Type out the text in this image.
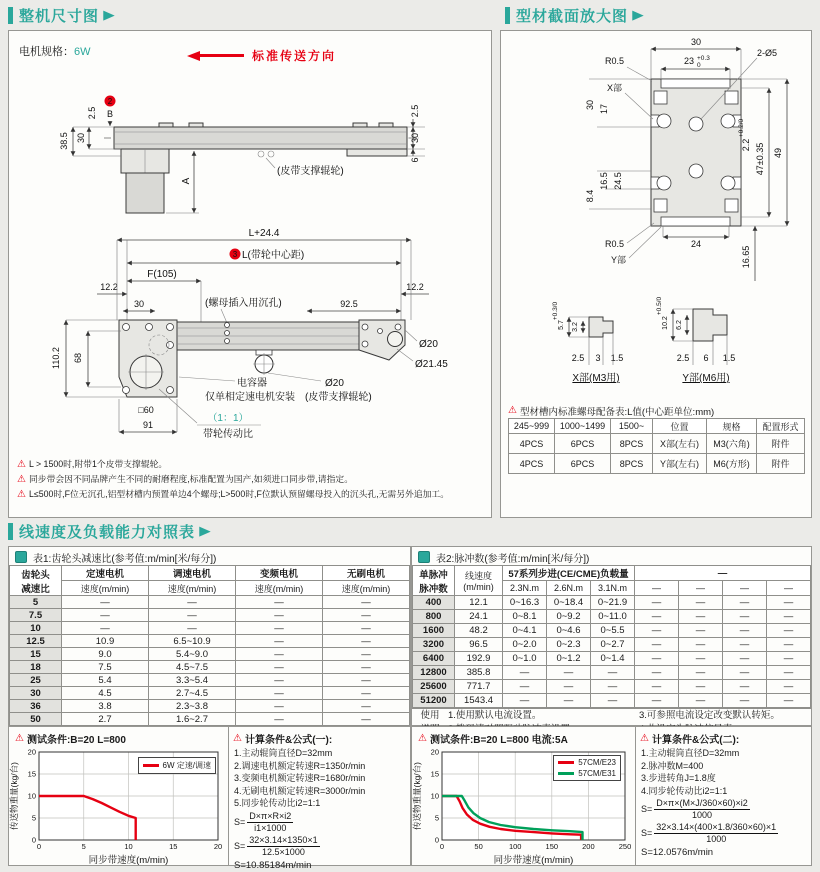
整机尺寸图 ▶	型材截面放大图 ▶
线速度及负载能力对照表 ▶
电机规格：6W	标准传送方向
2.5
2
B
38.5 30
A
2.5
30
6
(皮带支撑辊轮)
L+24.4
3 L(带轮中心距)
F(105)
12.2	12.2
30	92.5
(螺母插入用沉孔)
110.2 68
电容器
仅单相定速电机安装
Ø20
(皮带支撑辊轮)
Ø20
Ø21.45
□60
91
（1：1）
带轮传动比
⚠ L > 1500时,附带1个皮带支撑辊轮。
⚠ 同步带会因不同品牌产生不同的耐磨程度,标准配置为国产,如须进口同步带,请指定。
⚠ L≤500时,F位无沉孔,铝型材槽内预置单边4个螺母;L>500时,F位默认预留螺母投入的沉头孔,无需另外追加工。
30
23 +0.3
0
2-Ø5
R0.5
X部
30 17
16.5 24.5
8.4
R0.5
Y部
24
2.2
+0.2/0
47±0.35 49
16.65
5.7
+0.3/0
3.2
2.5 3 1.5
X部(M3用)
10.2
+0.5/0
6.2
2.5 6 1.5
Y部(M6用)
⚠ 型材槽内标准螺母配备表:L值(中心距单位:mm)
245~999	1000~1499	1500~	位置	规格	配置形式
4PCS	6PCS	8PCS	X部(左右)	M3(六角)	附件
4PCS	6PCS	8PCS	Y部(左右)	M6(方形)	附件
表1:齿轮头减速比(参考值:m/min[米/每分])
齿轮头
减速比	定速电机	调速电机	变频电机	无刷电机
	速度(m/min)	速度(m/min)	速度(m/min)	速度(m/min)
5	—	—	—	—
7.5	—	—	—	—
10	—	—	—	—
12.5	10.9	6.5~10.9	—	—
15	9.0	5.4~9.0	—	—
18	7.5	4.5~7.5	—	—
25	5.4	3.3~5.4	—	—
30	4.5	2.7~4.5	—	—
36	3.8	2.3~3.8	—	—
50	2.7	1.6~2.7	—	—

表2:脉冲数(参考值:m/min[米/每分])
单脉冲
脉冲数

线速度
(m/min)
	57系列步进(CE/CME)负载量	—
		2.3N.m	2.6N.m	3.1N.m	—	—	—	—
400	12.1	0~16.3	0~18.4	0~21.9	—	—	—	—
800	24.1	0~8.1	0~9.2	0~11.0	—	—	—	—
1600	48.2	0~4.1	0~4.6	0~5.5	—	—	—	—
3200	96.5	0~2.0	0~2.3	0~2.7	—	—	—	—
6400	192.9	0~1.0	0~1.2	0~1.4	—	—	—	—
12800	385.8	—	—	—	—	—	—	—
25600	771.7	—	—	—	—	—	—	—
51200	1543.4	—	—	—	—	—	—	—
使用 1.使用默认电流设置。	3.可参照电流设定改变默认转矩。
⚠ 测试条件:B=20 L=800
0	5	10	15	20
0
5
10
15
20
同步带速度(m/min)
传送物重量(kg/台)	6W 定速/调速
⚠ 计算条件&公式(一):
1.主动辊筒直径D=32mm
2.调速电机额定转速R=1350r/min
3.变频电机额定转速R=1680r/min
4.无刷电机额定转速R=3000r/min
5.同步轮传动比i2=1:1
$S= \frac{D\times\pi\times R\times i2}{i1\times 1000}$
$S= \frac{32\times 3.14\times 1350\times 1}{12.5\times 1000}$
S=10.85184m/min
⚠ 测试条件:B=20 L=800 电流:5A
0	50	100	150	200	250
0
5
10
15
20
同步带速度(m/min)
传送物重量(kg/台)	57CM/E23
57CM/E31
⚠ 计算条件&公式(二):
1.主动辊筒直径D=32mm
2.脉冲数M=400
3.步进转角J=1.8度
4.同步轮传动比i2=1:1
$S= \frac{D\times\pi\times(M\times J/360\times 60)\times i2}{1000}$
$S= \frac{32\times 3.14\times(400\times 1.8/360\times 60)\times 1}{1000}$
S=12.0576m/min
